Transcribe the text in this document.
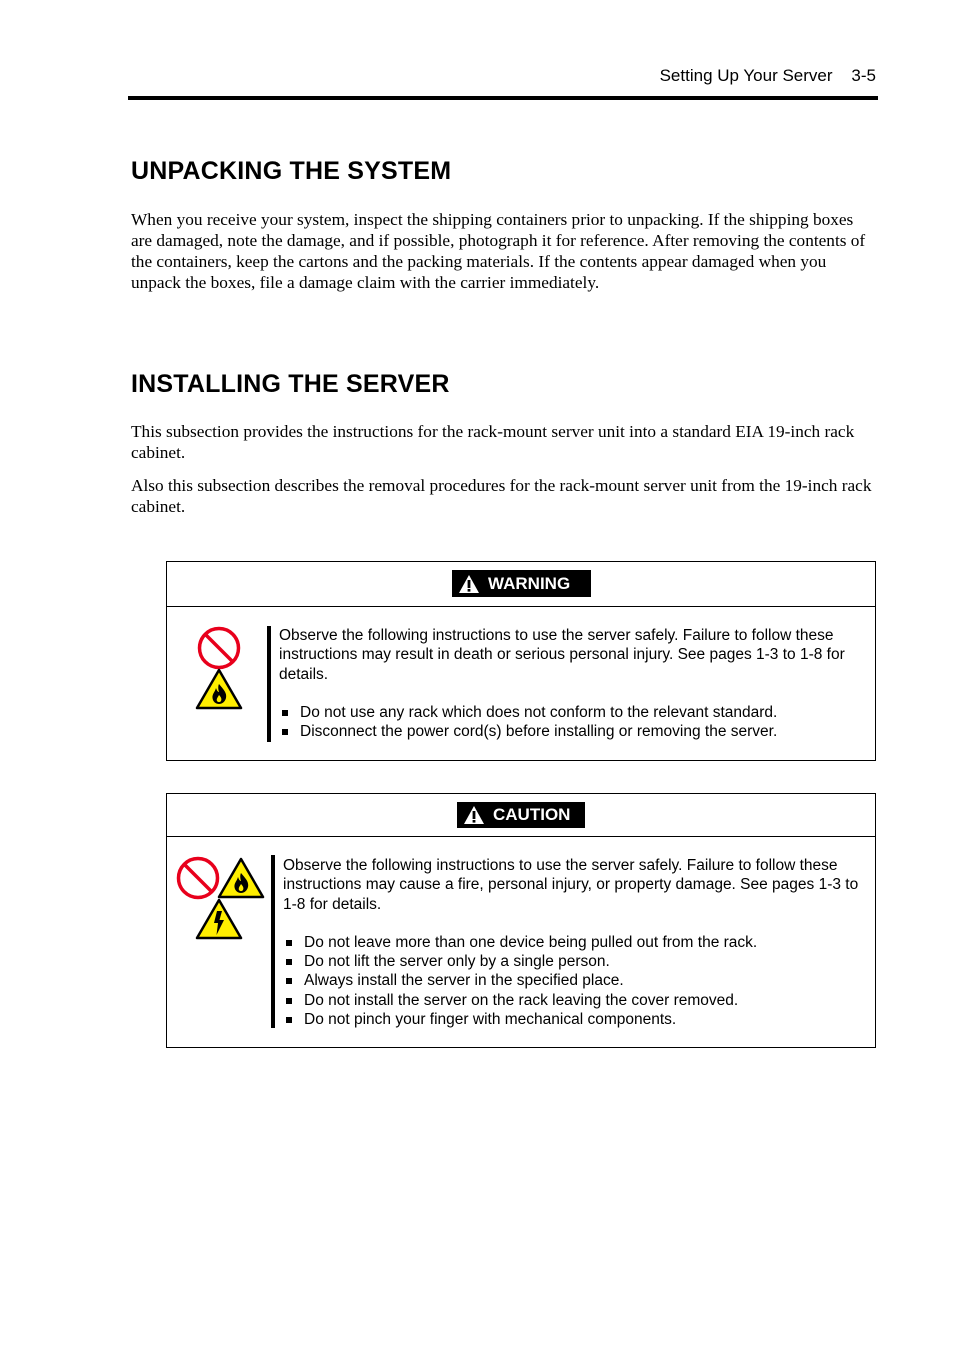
Setting Up Your Server    3-5
UNPACKING THE SYSTEM

When you receive your system, inspect the shipping containers prior to unpacking. If the shipping boxes are damaged, note the damage, and if possible, photograph it for reference. After removing the contents of the containers, keep the cartons and the packing materials. If the contents appear damaged when you unpack the boxes, file a damage claim with the carrier immediately.

INSTALLING THE SERVER

This subsection provides the instructions for the rack-mount server unit into a standard EIA 19-inch rack cabinet.

Also this subsection describes the removal procedures for the rack-mount server unit from the 19-inch rack cabinet.

WARNING

Observe the following instructions to use the server safely. Failure to follow these instructions may result in death or serious personal injury. See pages 1-3 to 1-8 for details.

Do not use any rack which does not conform to the relevant standard.
Disconnect the power cord(s) before installing or removing the server.
CAUTION

Observe the following instructions to use the server safely. Failure to follow these instructions may cause a fire, personal injury, or property damage. See pages 1-3 to 1-8 for details.

Do not leave more than one device being pulled out from the rack.
Do not lift the server only by a single person.
Always install the server in the specified place.
Do not install the server on the rack leaving the cover removed.
Do not pinch your finger with mechanical components.
